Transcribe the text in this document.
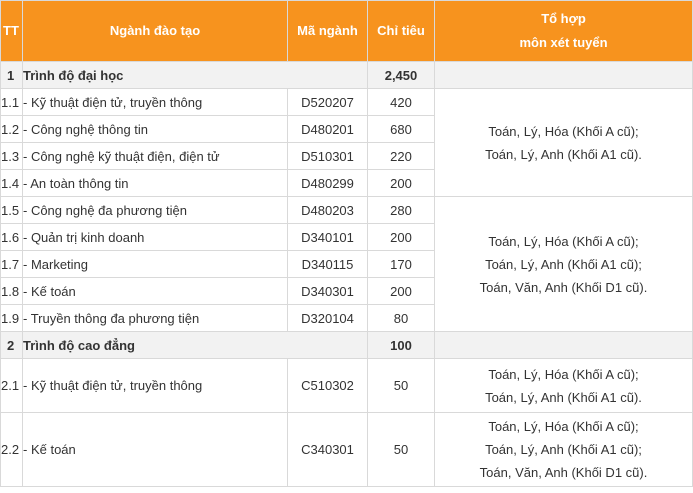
TT	Ngành đào tạo	Mã ngành	Chỉ tiêu	Tổ hợp
môn xét tuyển

1	Trình độ đại học		2,450	
1.1	- Kỹ thuật điện tử, truyền thông	D520207	420	Toán, Lý, Hóa (Khối A cũ);
Toán, Lý, Anh (Khối A1 cũ).

1.2	- Công nghệ thông tin	D480201	680	
1.3	- Công nghệ kỹ thuật điện, điện tử	D510301	220	
1.4	- An toàn thông tin	D480299	200	
1.5	- Công nghệ đa phương tiện	D480203	280	Toán, Lý, Hóa (Khối A cũ);
Toán, Lý, Anh (Khối A1 cũ);
Toán, Văn, Anh (Khối D1 cũ).

1.6	- Quản trị kinh doanh	D340101	200	
1.7	- Marketing	D340115	170	
1.8	- Kế toán	D340301	200	
1.9	- Truyền thông đa phương tiện	D320104	80	
2	Trình độ cao đẳng		100	
2.1	- Kỹ thuật điện tử, truyền thông	C510302	50	Toán, Lý, Hóa (Khối A cũ);
Toán, Lý, Anh (Khối A1 cũ).

2.2	- Kế toán	C340301	50	Toán, Lý, Hóa (Khối A cũ);
Toán, Lý, Anh (Khối A1 cũ);
Toán, Văn, Anh (Khối D1 cũ).
